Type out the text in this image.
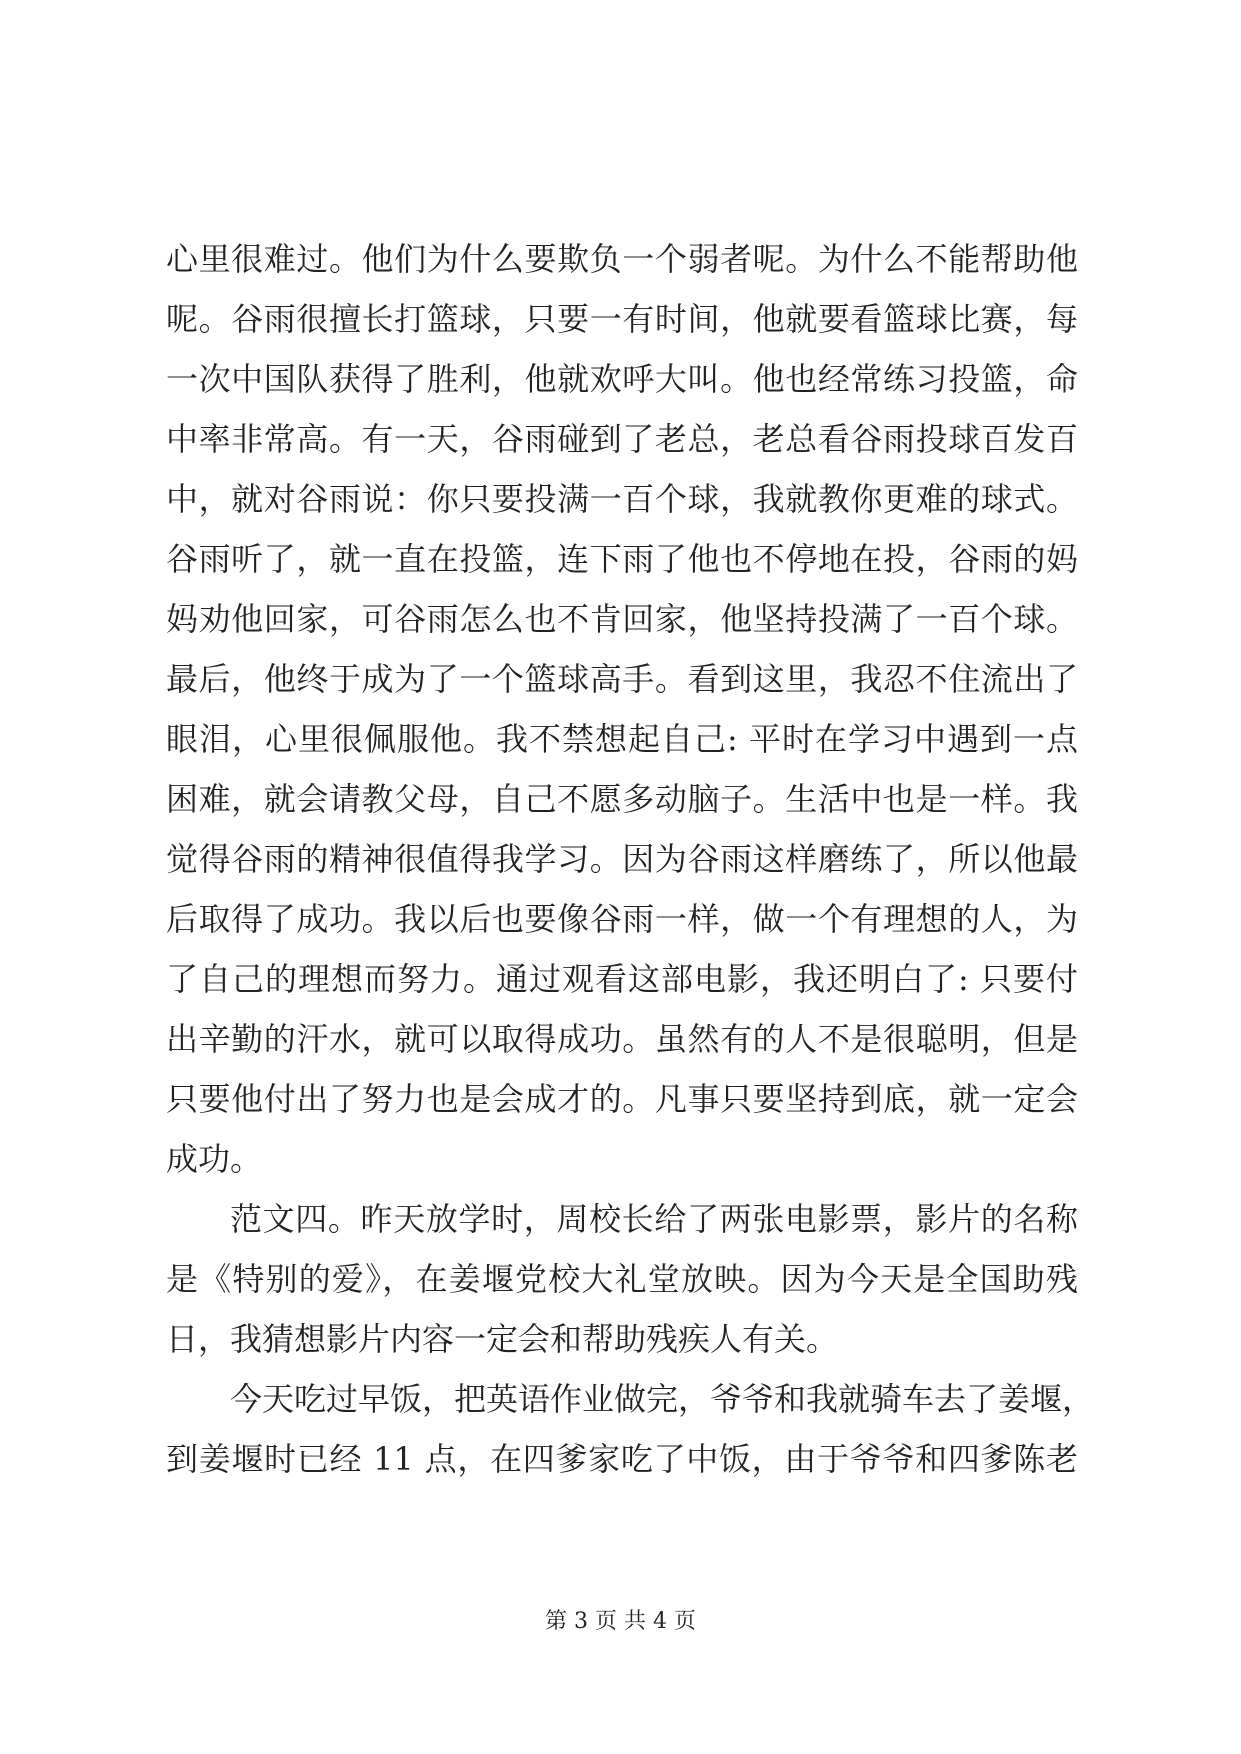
心里很难过。他们为什么要欺负一个弱者呢。为什么不能帮助他
呢。谷雨很擅长打篮球，只要一有时间，他就要看篮球比赛，每
一次中国队获得了胜利，他就欢呼大叫。他也经常练习投篮，命
中率非常高。有一天，谷雨碰到了老总，老总看谷雨投球百发百
中，就对谷雨说：你只要投满一百个球，我就教你更难的球式。
谷雨听了，就一直在投篮，连下雨了他也不停地在投，谷雨的妈
妈劝他回家，可谷雨怎么也不肯回家，他坚持投满了一百个球。
最后，他终于成为了一个篮球高手。看到这里，我忍不住流出了
眼泪，心里很佩服他。我不禁想起自己: 平时在学习中遇到一点
困难，就会请教父母，自己不愿多动脑子。生活中也是一样。我
觉得谷雨的精神很值得我学习。因为谷雨这样磨练了，所以他最
后取得了成功。我以后也要像谷雨一样，做一个有理想的人，为
了自己的理想而努力。通过观看这部电影，我还明白了: 只要付
出辛勤的汗水，就可以取得成功。虽然有的人不是很聪明，但是
只要他付出了努力也是会成才的。凡事只要坚持到底，就一定会
成功。
范文四。昨天放学时，周校长给了两张电影票，影片的名称
是《特别的爱》，在姜堰党校大礼堂放映。因为今天是全国助残
日，我猜想影片内容一定会和帮助残疾人有关。
今天吃过早饭，把英语作业做完，爷爷和我就骑车去了姜堰，
到姜堰时已经 11 点，在四爹家吃了中饭，由于爷爷和四爹陈老
第 3 页 共 4 页
